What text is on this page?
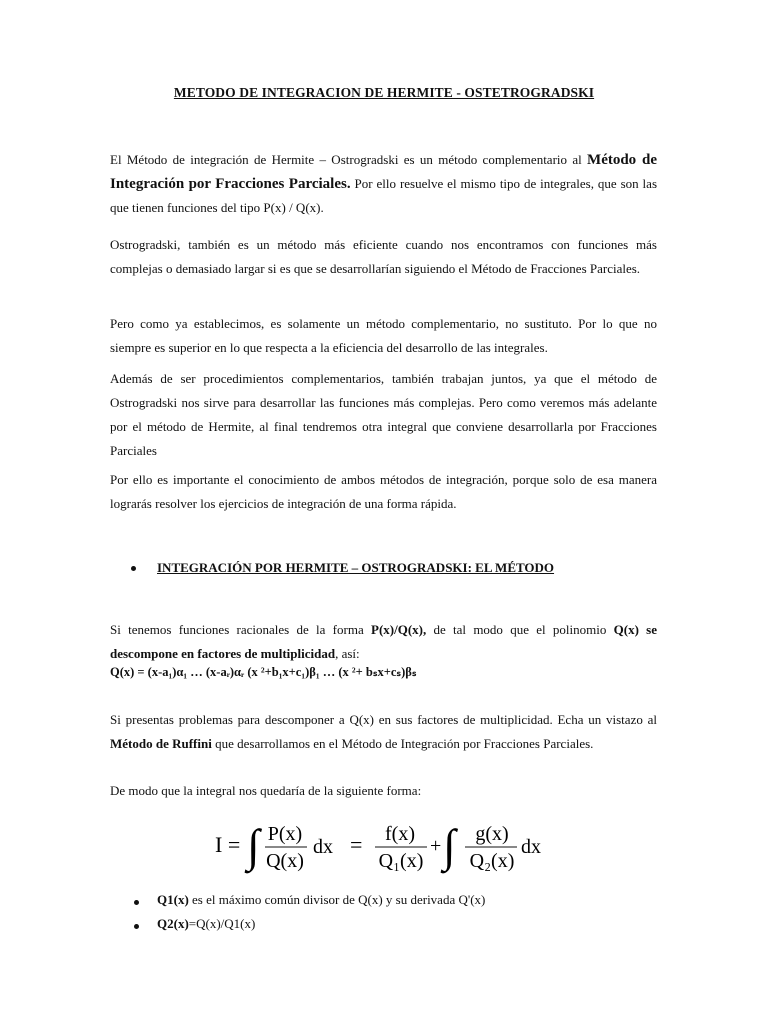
METODO DE INTEGRACION DE HERMITE - OSTETROGRADSKI
El Método de integración de Hermite – Ostrogradski es un método complementario al Método de Integración por Fracciones Parciales. Por ello resuelve el mismo tipo de integrales, que son las que tienen funciones del tipo P(x) / Q(x).
Ostrogradski, también es un método más eficiente cuando nos encontramos con funciones más complejas o demasiado largar si es que se desarrollarían siguiendo el Método de Fracciones Parciales.
Pero como ya establecimos, es solamente un método complementario, no sustituto. Por lo que no siempre es superior en lo que respecta a la eficiencia del desarrollo de las integrales.
Además de ser procedimientos complementarios, también trabajan juntos, ya que el método de Ostrogradski nos sirve para desarrollar las funciones más complejas. Pero como veremos más adelante por el método de Hermite, al final tendremos otra integral que conviene desarrollarla por Fracciones Parciales
Por ello es importante el conocimiento de ambos métodos de integración, porque solo de esa manera lograrás resolver los ejercicios de integración de una forma rápida.
INTEGRACIÓN POR HERMITE – OSTROGRADSKI: EL MÉTODO
Si tenemos funciones racionales de la forma P(x)/Q(x), de tal modo que el polinomio Q(x) se descompone en factores de multiplicidad, así:
Q(x) = (x-a₁)α₁ … (x-aᵣ)αᵣ (x ²+b₁x+c₁)β₁ … (x ²+ bₛx+cₛ)βₛ
Si presentas problemas para descomponer a Q(x) en sus factores de multiplicidad. Echa un vistazo al Método de Ruffini que desarrollamos en el Método de Integración por Fracciones Parciales.
De modo que la integral nos quedaría de la siguiente forma:
I = ∫ P(x)
Q(x)
dx = f(x)
Q₁(x)
+ ∫ g(x)
Q₂(x)
dx
Q1(x) es el máximo común divisor de Q(x) y su derivada Q'(x)
Q2(x)=Q(x)/Q1(x)
